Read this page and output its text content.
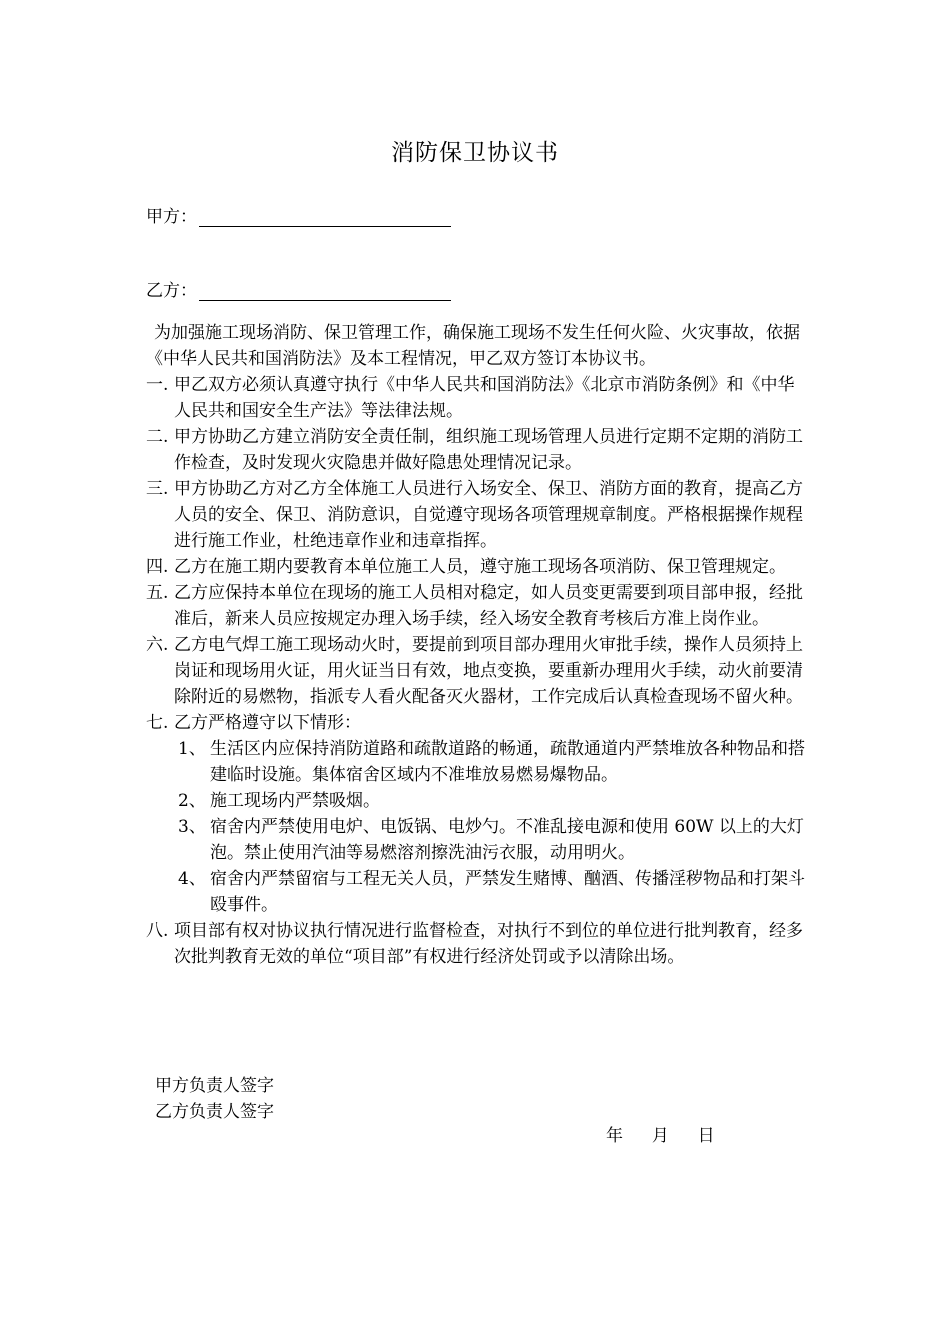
消防保卫协议书
甲方：
乙方：

为加强施工现场消防、保卫管理工作，确保施工现场不发生任何火险、火灾事故，依据《中华人民共和国消防法》及本工程情况，甲乙双方签订本协议书。

一. 甲乙双方必须认真遵守执行《中华人民共和国消防法》《北京市消防条例》和《中华人民共和国安全生产法》等法律法规。

二. 甲方协助乙方建立消防安全责任制，组织施工现场管理人员进行定期不定期的消防工作检查，及时发现火灾隐患并做好隐患处理情况记录。

三. 甲方协助乙方对乙方全体施工人员进行入场安全、保卫、消防方面的教育，提高乙方人员的安全、保卫、消防意识，自觉遵守现场各项管理规章制度。严格根据操作规程进行施工作业，杜绝违章作业和违章指挥。

四. 乙方在施工期内要教育本单位施工人员，遵守施工现场各项消防、保卫管理规定。

五. 乙方应保持本单位在现场的施工人员相对稳定，如人员变更需要到项目部申报，经批准后，新来人员应按规定办理入场手续，经入场安全教育考核后方准上岗作业。

六. 乙方电气焊工施工现场动火时，要提前到项目部办理用火审批手续，操作人员须持上岗证和现场用火证，用火证当日有效，地点变换，要重新办理用火手续，动火前要清除附近的易燃物，指派专人看火配备灭火器材，工作完成后认真检查现场不留火种。

七. 乙方严格遵守以下情形：

1、 生活区内应保持消防道路和疏散道路的畅通，疏散通道内严禁堆放各种物品和搭建临时设施。集体宿舍区域内不准堆放易燃易爆物品。

2、 施工现场内严禁吸烟。

3、 宿舍内严禁使用电炉、电饭锅、电炒勺。不准乱接电源和使用 60W 以上的大灯泡。禁止使用汽油等易燃溶剂擦洗油污衣服，动用明火。

4、 宿舍内严禁留宿与工程无关人员，严禁发生赌博、酗酒、传播淫秽物品和打架斗殴事件。

八. 项目部有权对协议执行情况进行监督检查，对执行不到位的单位进行批判教育，经多次批判教育无效的单位“项目部”有权进行经济处罚或予以清除出场。

甲方负责人签字
乙方负责人签字
年 月 日
